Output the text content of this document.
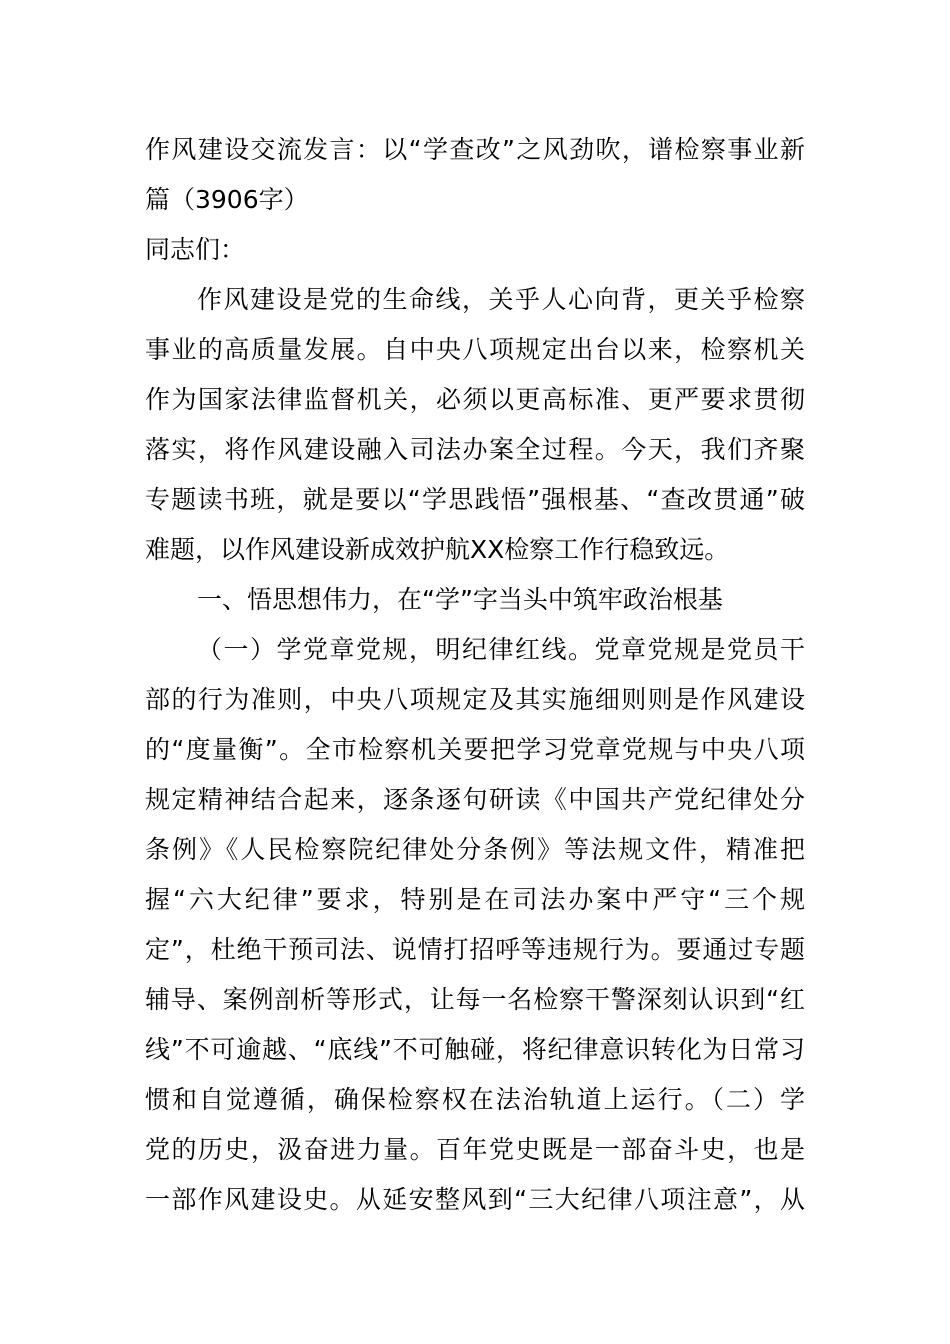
作风建设交流发言：以“学查改”之风劲吹，谱检察事业新
篇（3906字）
同志们：
作风建设是党的生命线，关乎人心向背，更关乎检察
事业的高质量发展。自中央八项规定出台以来，检察机关
作为国家法律监督机关，必须以更高标准、更严要求贯彻
落实，将作风建设融入司法办案全过程。今天，我们齐聚
专题读书班，就是要以“学思践悟”强根基、“查改贯通”破
难题，以作风建设新成效护航XX检察工作行稳致远。
一、悟思想伟力，在“学”字当头中筑牢政治根基
（一）学党章党规，明纪律红线。党章党规是党员干
部的行为准则，中央八项规定及其实施细则则是作风建设
的“度量衡”。全市检察机关要把学习党章党规与中央八项
规定精神结合起来，逐条逐句研读《中国共产党纪律处分
条例》《人民检察院纪律处分条例》等法规文件，精准把
握“六大纪律”要求，特别是在司法办案中严守“三个规
定”，杜绝干预司法、说情打招呼等违规行为。要通过专题
辅导、案例剖析等形式，让每一名检察干警深刻认识到“红
线”不可逾越、“底线”不可触碰，将纪律意识转化为日常习
惯和自觉遵循，确保检察权在法治轨道上运行。（二）学
党的历史，汲奋进力量。百年党史既是一部奋斗史，也是
一部作风建设史。从延安整风到“三大纪律八项注意”，从
